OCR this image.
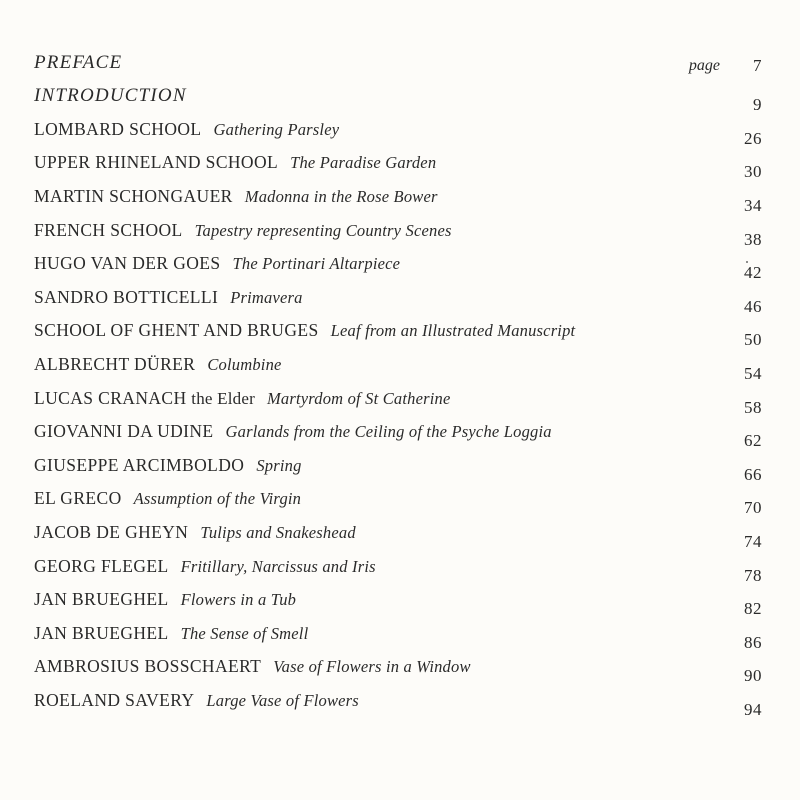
PREFACE	page 7
INTRODUCTION	9
LOMBARD SCHOOL Gathering Parsley	26
UPPER RHINELAND SCHOOL The Paradise Garden	30
MARTIN SCHONGAUER Madonna in the Rose Bower	34
FRENCH SCHOOL Tapestry representing Country Scenes	38
HUGO VAN DER GOES The Portinari Altarpiece	42
SANDRO BOTTICELLI Primavera	46
SCHOOL OF GHENT AND BRUGES Leaf from an Illustrated Manuscript	50
ALBRECHT DÜRER Columbine	54
LUCAS CRANACH the Elder Martyrdom of St Catherine	58
GIOVANNI DA UDINE Garlands from the Ceiling of the Psyche Loggia	62
GIUSEPPE ARCIMBOLDO Spring	66
EL GRECO Assumption of the Virgin	70
JACOB DE GHEYN Tulips and Snakeshead	74
GEORG FLEGEL Fritillary, Narcissus and Iris	78
JAN BRUEGHEL Flowers in a Tub	82
JAN BRUEGHEL The Sense of Smell	86
AMBROSIUS BOSSCHAERT Vase of Flowers in a Window	90
ROELAND SAVERY Large Vase of Flowers	94
